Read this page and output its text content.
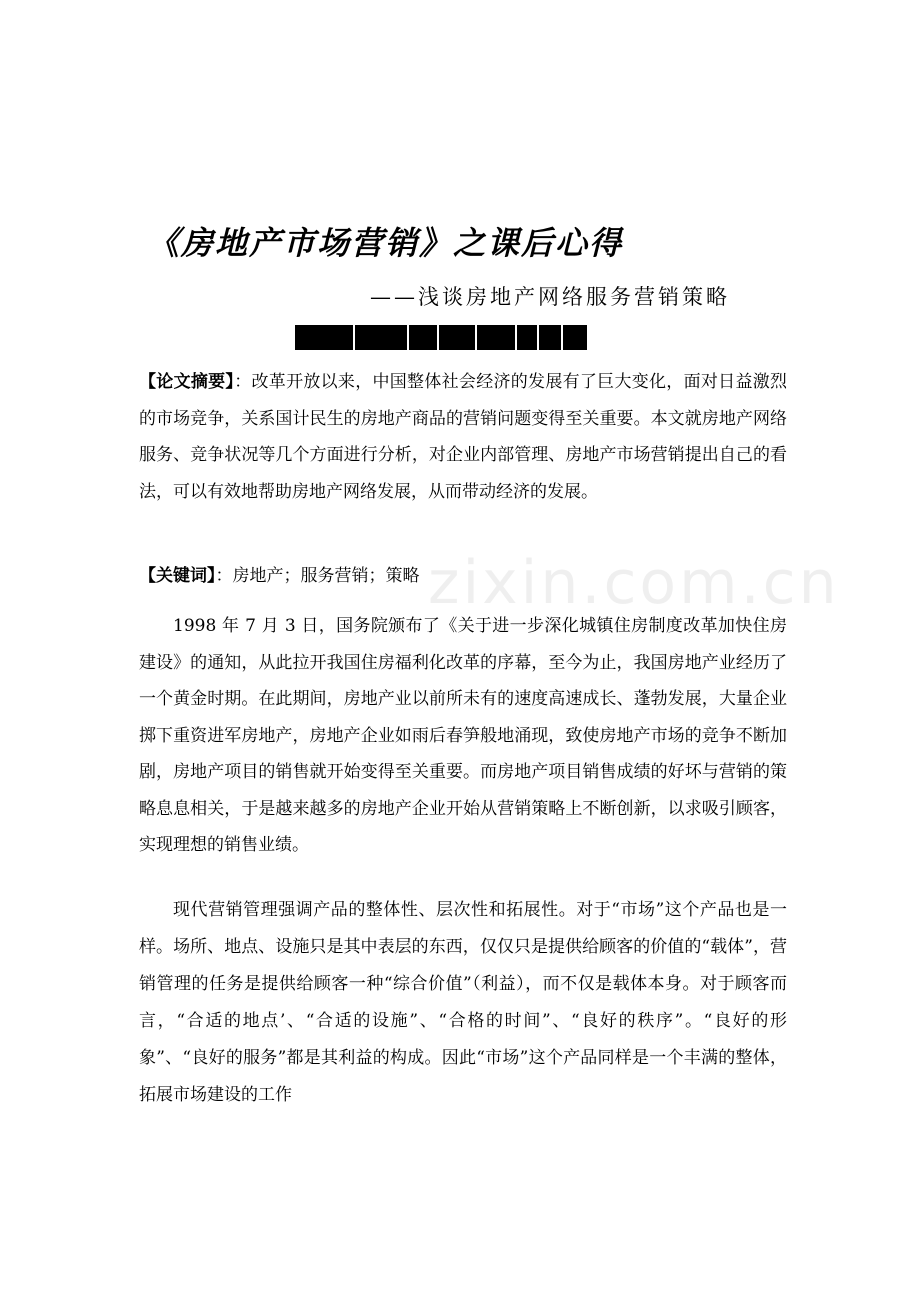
《房地产市场营销》之课后心得
——浅谈房地产网络服务营销策略
zixin.com.cn
【论文摘要】：改革开放以来，中国整体社会经济的发展有了巨大变化，面对日益激烈的市场竞争，关系国计民生的房地产商品的营销问题变得至关重要。本文就房地产网络服务、竞争状况等几个方面进行分析，对企业内部管理、房地产市场营销提出自己的看法，可以有效地帮助房地产网络发展，从而带动经济的发展。
【关键词】：房地产；服务营销；策略
1998 年 7 月 3 日，国务院颁布了《关于进一步深化城镇住房制度改革加快住房建设》的通知，从此拉开我国住房福利化改革的序幕，至今为止，我国房地产业经历了一个黄金时期。在此期间，房地产业以前所未有的速度高速成长、蓬勃发展，大量企业掷下重资进军房地产，房地产企业如雨后春笋般地涌现，致使房地产市场的竞争不断加剧，房地产项目的销售就开始变得至关重要。而房地产项目销售成绩的好坏与营销的策略息息相关，于是越来越多的房地产企业开始从营销策略上不断创新，以求吸引顾客，实现理想的销售业绩。
现代营销管理强调产品的整体性、层次性和拓展性。对于“市场”这个产品也是一样。场所、地点、设施只是其中表层的东西，仅仅只是提供给顾客的价值的“载体”，营销管理的任务是提供给顾客一种“综合价值”（利益），而不仅是载体本身。对于顾客而言，“合适的地点’、“合适的设施”、“合格的时间”、“良好的秩序”。“良好的形象”、“良好的服务”都是其利益的构成。因此“市场”这个产品同样是一个丰满的整体，拓展市场建设的工作
